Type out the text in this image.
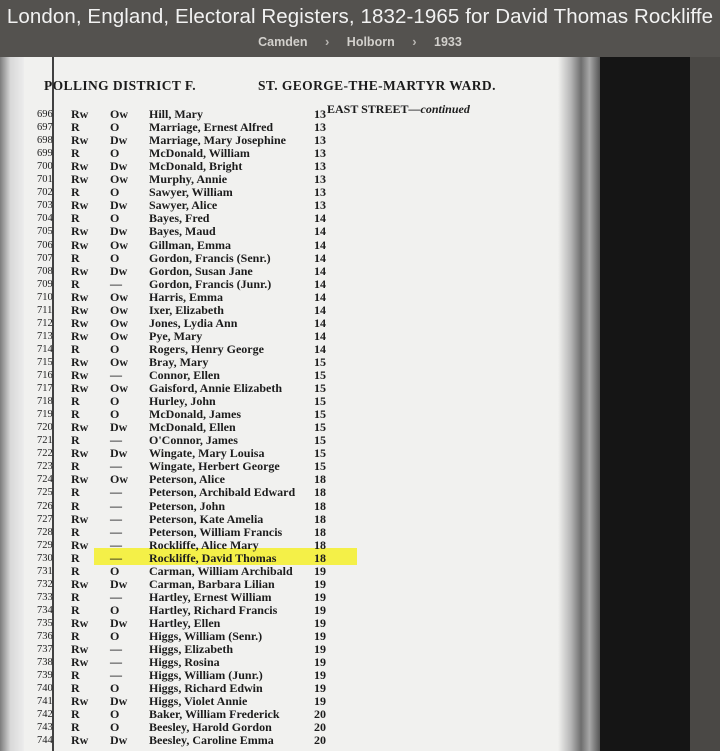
London, England, Electoral Registers, 1832-1965 for David Thomas Rockliffe
Camden › Holborn › 1933
POLLING DISTRICT F.	ST. GEORGE-THE-MARTYR WARD.
EAST STREET—continued
696 Rw Ow Hill, Mary	13
697 R	O Marriage, Ernest Alfred	13
698 Rw Dw Marriage, Mary Josephine 13
699 R	O McDonald, William	13
700 Rw Dw McDonald, Bright	13
701 Rw Ow Murphy, Annie	13
702 R	O Sawyer, William	13
703 Rw Dw Sawyer, Alice	13
704 R	O Bayes, Fred	14
705 Rw Dw Bayes, Maud	14
706 Rw Ow Gillman, Emma	14
707 R	O Gordon, Francis (Senr.)	14
708 Rw Dw Gordon, Susan Jane	14
709 R	— Gordon, Francis (Junr.)	14
710 Rw Ow Harris, Emma	14
711 Rw Ow Ixer, Elizabeth	14
712 Rw Ow Jones, Lydia Ann	14
713 Rw Ow Pye, Mary	14
714 R	O Rogers, Henry George	14
715 Rw Ow Bray, Mary	15
716 Rw — Connor, Ellen	15
717 Rw Ow Gaisford, Annie Elizabeth	15
718 R	O Hurley, John	15
719 R	O McDonald, James	15
720 Rw Dw McDonald, Ellen	15
721 R	— O'Connor, James	15
722 Rw Dw Wingate, Mary Louisa	15
723 R	— Wingate, Herbert George	15
724 Rw Ow Peterson, Alice	18
725 R	— Peterson, Archibald Edward 18
726 R	— Peterson, John	18
727 Rw — Peterson, Kate Amelia	18
728 R	— Peterson, William Francis	18
729 Rw — Rockliffe, Alice Mary	18
730 R	— Rockliffe, David Thomas	18
731 R	O Carman, William Archibald 19
732 Rw Dw Carman, Barbara Lilian	19
733 R	— Hartley, Ernest William	19
734 R	O Hartley, Richard Francis	19
735 Rw Dw Hartley, Ellen	19
736 R	O Higgs, William (Senr.)	19
737 Rw — Higgs, Elizabeth	19
738 Rw — Higgs, Rosina	19
739 R	— Higgs, William (Junr.)	19
740 R	O Higgs, Richard Edwin	19
741 Rw Dw Higgs, Violet Annie	19
742 R	O Baker, William Frederick	20
743 R	O Beesley, Harold Gordon	20
744 Rw Dw Beesley, Caroline Emma	20
